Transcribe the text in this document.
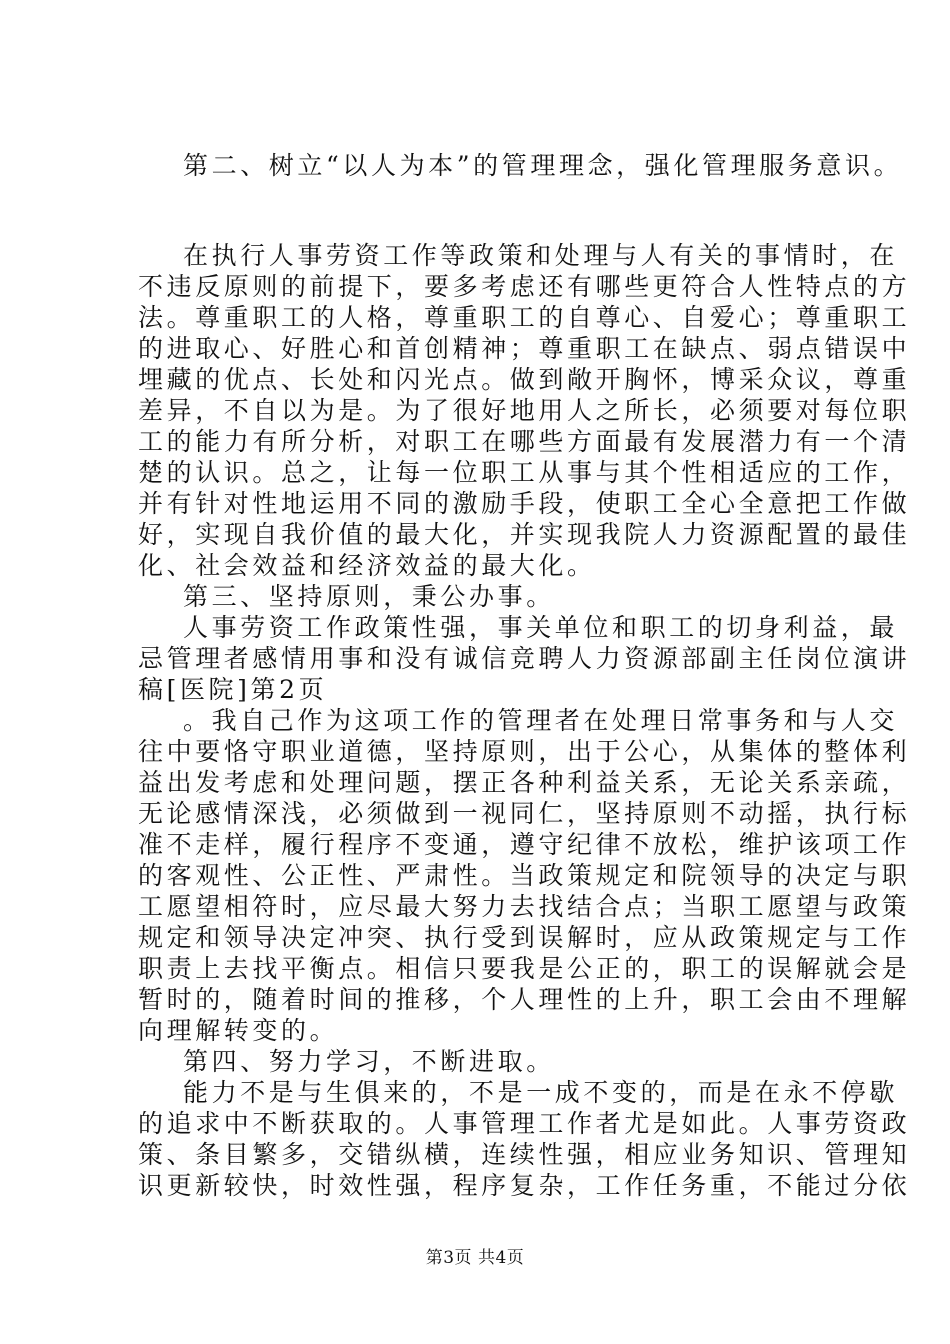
第二、树立“以人为本”的管理理念，强化管理服务意识。
在执行人事劳资工作等政策和处理与人有关的事情时，在
不违反原则的前提下，要多考虑还有哪些更符合人性特点的方
法。尊重职工的人格，尊重职工的自尊心、自爱心；尊重职工
的进取心、好胜心和首创精神；尊重职工在缺点、弱点错误中
埋藏的优点、长处和闪光点。做到敞开胸怀，博采众议，尊重
差异，不自以为是。为了很好地用人之所长，必须要对每位职
工的能力有所分析，对职工在哪些方面最有发展潜力有一个清
楚的认识。总之，让每一位职工从事与其个性相适应的工作，
并有针对性地运用不同的激励手段，使职工全心全意把工作做
好，实现自我价值的最大化，并实现我院人力资源配置的最佳
化、社会效益和经济效益的最大化。
第三、坚持原则，秉公办事。
人事劳资工作政策性强，事关单位和职工的切身利益，最
忌管理者感情用事和没有诚信竞聘人力资源部副主任岗位演讲
稿[医院]第2页
。我自己作为这项工作的管理者在处理日常事务和与人交
往中要恪守职业道德，坚持原则，出于公心，从集体的整体利
益出发考虑和处理问题，摆正各种利益关系，无论关系亲疏，
无论感情深浅，必须做到一视同仁，坚持原则不动摇，执行标
准不走样，履行程序不变通，遵守纪律不放松，维护该项工作
的客观性、公正性、严肃性。当政策规定和院领导的决定与职
工愿望相符时，应尽最大努力去找结合点；当职工愿望与政策
规定和领导决定冲突、执行受到误解时，应从政策规定与工作
职责上去找平衡点。相信只要我是公正的，职工的误解就会是
暂时的，随着时间的推移，个人理性的上升，职工会由不理解
向理解转变的。
第四、努力学习，不断进取。
能力不是与生俱来的，不是一成不变的，而是在永不停歇
的追求中不断获取的。人事管理工作者尤是如此。人事劳资政
策、条目繁多，交错纵横，连续性强，相应业务知识、管理知
识更新较快，时效性强，程序复杂，工作任务重，不能过分依
第3页 共4页
